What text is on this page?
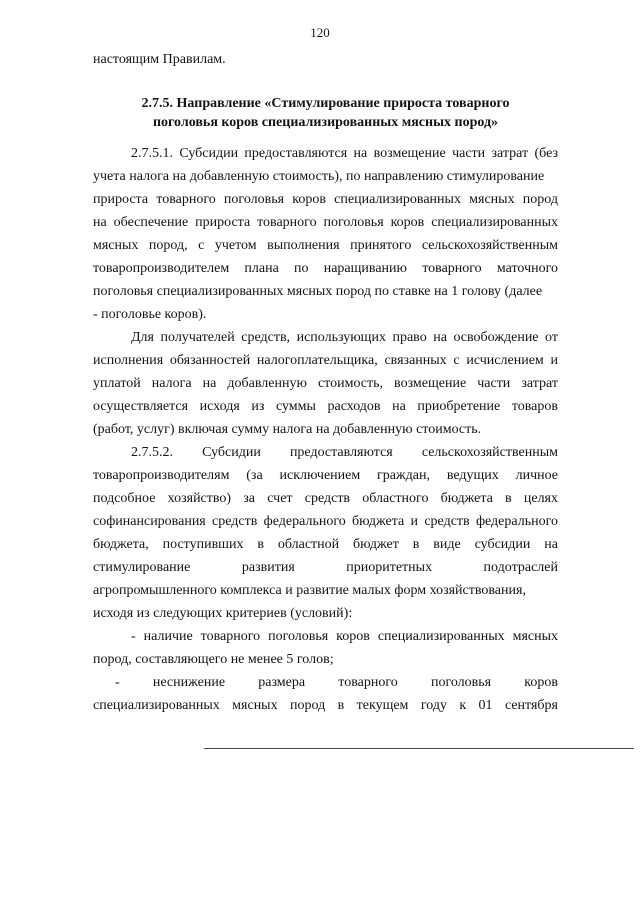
120
настоящим Правилам.
2.7.5. Направление «Стимулирование прироста товарного
поголовья коров специализированных мясных пород»
2.7.5.1. Субсидии предоставляются на возмещение части затрат (без
учета налога на добавленную стоимость), по направлению стимулирование
прироста товарного поголовья коров специализированных мясных пород
на обеспечение прироста товарного поголовья коров специализированных
мясных пород, с учетом выполнения принятого сельскохозяйственным
товаропроизводителем плана по наращиванию товарного маточного
поголовья специализированных мясных пород по ставке на 1 голову (далее
- поголовье коров).
Для получателей средств, использующих право на освобождение от
исполнения обязанностей налогоплательщика, связанных с исчислением и
уплатой налога на добавленную стоимость, возмещение части затрат
осуществляется исходя из суммы расходов на приобретение товаров
(работ, услуг) включая сумму налога на добавленную стоимость.
2.7.5.2. Субсидии предоставляются сельскохозяйственным
товаропроизводителям (за исключением граждан, ведущих личное
подсобное хозяйство) за счет средств областного бюджета в целях
софинансирования средств федерального бюджета и средств федерального
бюджета, поступивших в областной бюджет в виде субсидии на
стимулирование развития приоритетных подотраслей
агропромышленного комплекса и развитие малых форм хозяйствования,
исходя из следующих критериев (условий):
- наличие товарного поголовья коров специализированных мясных
пород, составляющего не менее 5 голов;
- неснижение размера товарного поголовья коров
специализированных мясных пород в текущем году к 01 сентября
